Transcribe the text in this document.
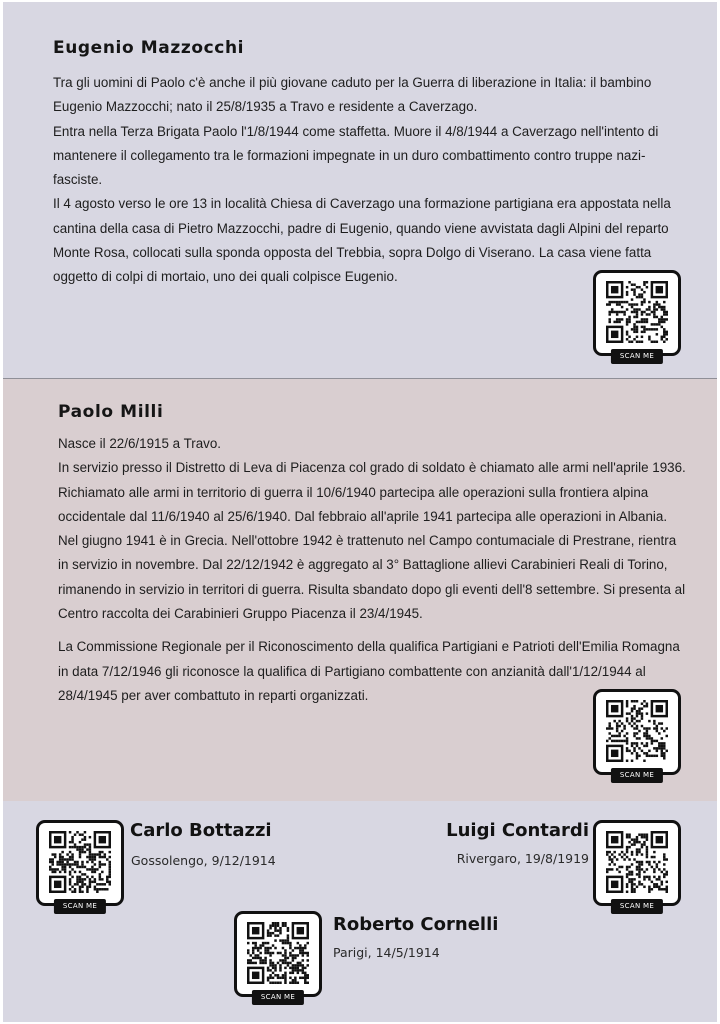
Eugenio Mazzocchi

Tra gli uomini di Paolo c'è anche il più giovane caduto per la Guerra di liberazione in Italia: il bambino Eugenio Mazzocchi; nato il 25/8/1935 a Travo e residente a Caverzago.

Entra nella Terza Brigata Paolo l'1/8/1944 come staffetta. Muore il 4/8/1944 a Caverzago nell'intento di mantenere il collegamento tra le formazioni impegnate in un duro combattimento contro truppe nazi-fasciste.

Il 4 agosto verso le ore 13 in località Chiesa di Caverzago una formazione partigiana era appostata nella cantina della casa di Pietro Mazzocchi, padre di Eugenio, quando viene avvistata dagli Alpini del reparto Monte Rosa, collocati sulla sponda opposta del Trebbia, sopra Dolgo di Viserano. La casa viene fatta oggetto di colpi di mortaio, uno dei quali colpisce Eugenio.

SCAN ME
Paolo Milli

Nasce il 22/6/1915 a Travo.

In servizio presso il Distretto di Leva di Piacenza col grado di soldato è chiamato alle armi nell'aprile 1936. Richiamato alle armi in territorio di guerra il 10/6/1940 partecipa alle operazioni sulla frontiera alpina occidentale dal 11/6/1940 al 25/6/1940. Dal febbraio all'aprile 1941 partecipa alle operazioni in Albania. Nel giugno 1941 è in Grecia. Nell'ottobre 1942 è trattenuto nel Campo contumaciale di Prestrane, rientra in servizio in novembre. Dal 22/12/1942 è aggregato al 3° Battaglione allievi Carabinieri Reali di Torino, rimanendo in servizio in territori di guerra. Risulta sbandato dopo gli eventi dell'8 settembre. Si presenta al Centro raccolta dei Carabinieri Gruppo Piacenza il 23/4/1945.

La Commissione Regionale per il Riconoscimento della qualifica Partigiani e Patrioti dell'Emilia Romagna in data 7/12/1946 gli riconosce la qualifica di Partigiano combattente con anzianità dall'1/12/1944 al 28/4/1945 per aver combattuto in reparti organizzati.

SCAN ME
SCAN ME
Carlo Bottazzi
Gossolengo, 9/12/1914
Luigi Contardi
Rivergaro, 19/8/1919
SCAN ME
SCAN ME
Roberto Cornelli
Parigi, 14/5/1914
